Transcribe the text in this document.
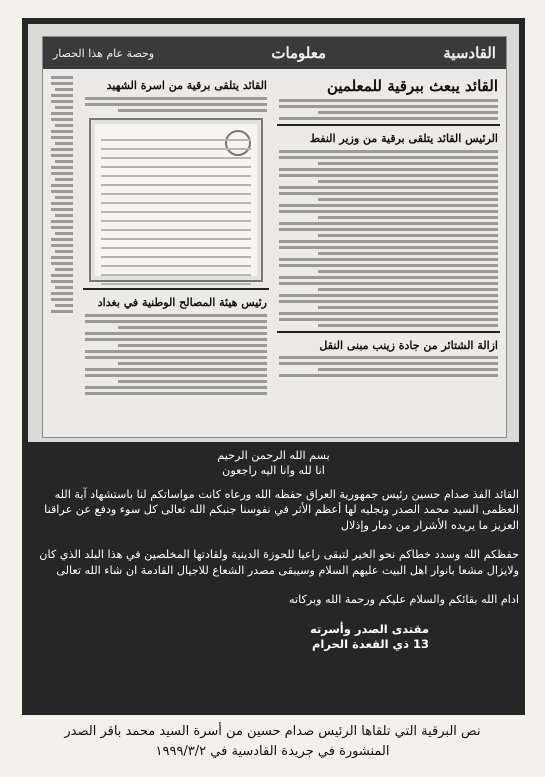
وحصة عام هذا الحصار	معلومات	القادسية
القائد يتلقى برقية من اسرة الشهيد
رئيس هيئة المصالح الوطنية في بغداد
القائد يبعث ببرقية للمعلمين
الرئيس القائد يتلقى برقية من وزير النفط
ازالة الشتائر من جادة زينب مبنى النقل

بسم الله الرحمن الرحيم

انا لله وانا اليه راجعون

القائد الفذ صدام حسين رئيس جمهورية العراق حفظه الله ورعاه كانت مواساتكم لنا باستشهاد آية الله العظمى السيد محمد الصدر ونجليه لها أعظم الأثر في نفوسنا جنبكم الله تعالى كل سوء ودفع عن عراقنا العزيز ما يريده الأشرار من دمار وإذلال

حفظكم الله وسدد خطاكم نحو الخير لتبقى راعيا للحوزة الدينية ولقادتها المخلصين في هذا البلد الذي كان ولايزال مشعا بانوار اهل البيت عليهم السلام وسيبقى مصدر الشعاع للاجيال القادمة ان شاء الله تعالى

ادام الله بقائكم والسلام عليكم ورحمة الله وبركاته

مقتدى الصدر وأسرته

13 ذي القعدة الحرام

نص البرقية التي تلقاها الرئيس صدام حسين من أسرة السيد محمد باقر الصدر
المنشورة في جريدة القادسية في ١٩٩٩/٣/٢
